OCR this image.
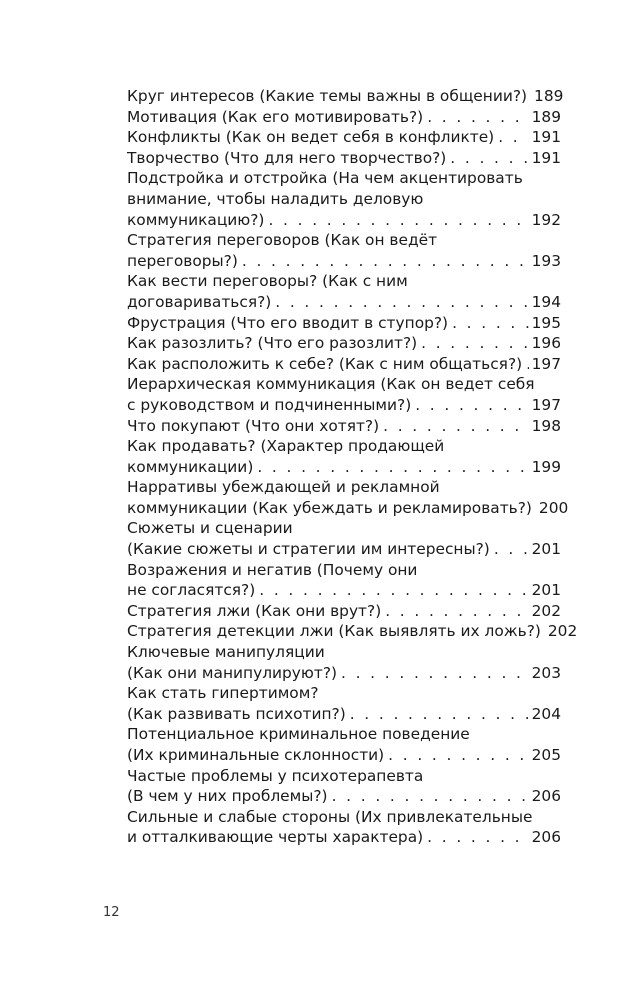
Круг интересов (Какие темы важны в общении?) 189
Мотивация (Как его мотивировать?) . . .	189
Конфликты (Как он ведет себя в конфликте) . . . 191
Творчество (Что для него творчество?) . . .	191
Подстройка и отстройка (На чем акцентировать
внимание, чтобы наладить деловую
коммуникацию?) . . .	192
Стратегия переговоров (Как он ведёт
переговоры?) . . .	193
Как вести переговоры? (Как с ним
договариваться?) . . .	194
Фрустрация (Что его вводит в ступор?) . . .	195
Как разозлить? (Что его разозлит?) . . .	196
Как расположить к себе? (Как с ним общаться?) . . . 197
Иерархическая коммуникация (Как он ведет себя
с руководством и подчиненными?) . . .	197
Что покупают (Что они хотят?) . . .	198
Как продавать? (Характер продающей
коммуникации) . . .	199
Нарративы убеждающей и рекламной
коммуникации (Как убеждать и рекламировать?) 200
Сюжеты и сценарии
(Какие сюжеты и стратегии им интересны?) . . .	201
Возражения и негатив (Почему они
не согласятся?) . . .	201
Стратегия лжи (Как они врут?) . . .	202
Стратегия детекции лжи (Как выявлять их ложь?) 202
Ключевые манипуляции
(Как они манипулируют?) . . .	203
Как стать гипертимом?
(Как развивать психотип?) . . .	204
Потенциальное криминальное поведение
(Их криминальные склонности) . . .	205
Частые проблемы у психотерапевта
(В чем у них проблемы?) . . .	206
Сильные и слабые стороны (Их привлекательные
и отталкивающие черты характера) . . .	206
12
